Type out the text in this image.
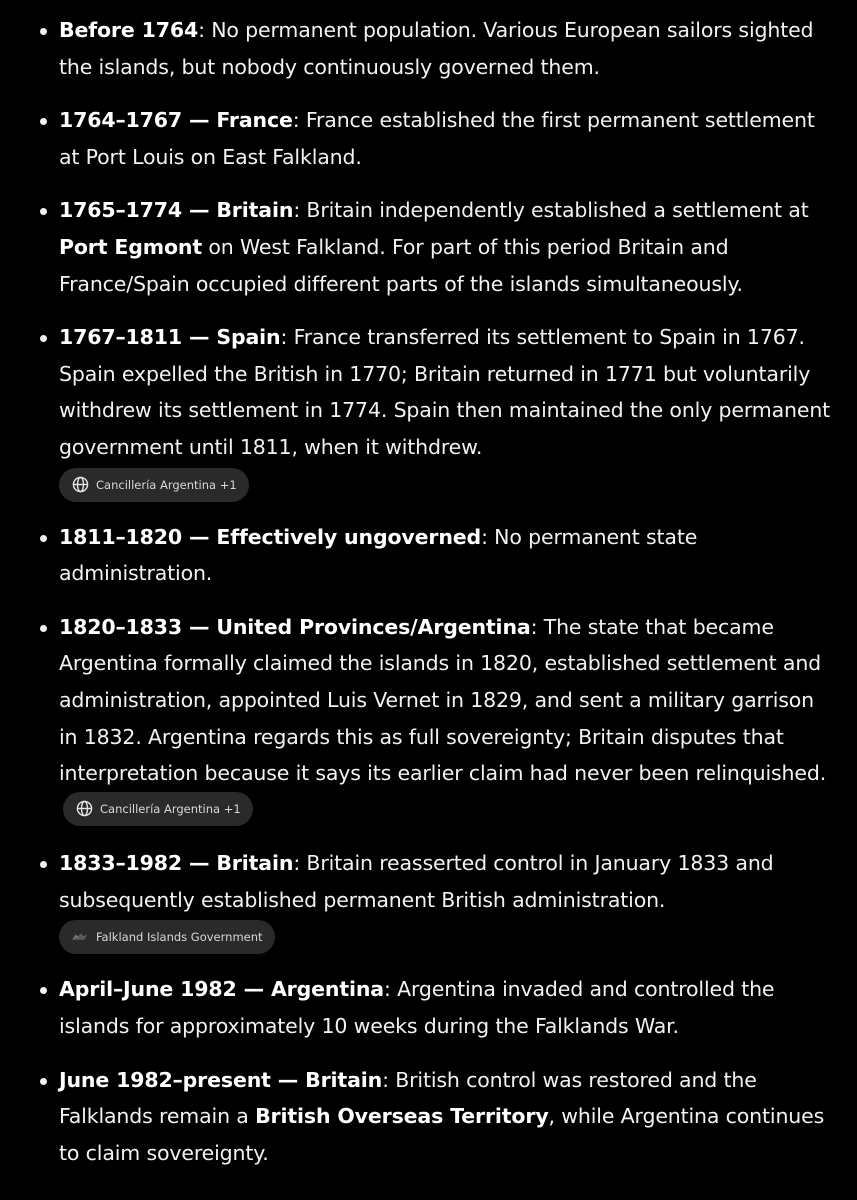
Before 1764: No permanent population. Various European sailors sighted the islands, but nobody continuously governed them.
1764–1767 — France: France established the first permanent settlement at Port Louis on East Falkland.
1765–1774 — Britain: Britain independently established a settlement at Port Egmont on West Falkland. For part of this period Britain and France/Spain occupied different parts of the islands simultaneously.
1767–1811 — Spain: France transferred its settlement to Spain in 1767. Spain expelled the British in 1770; Britain returned in 1771 but voluntarily withdrew its settlement in 1774. Spain then maintained the only permanent government until 1811, when it withdrew.
Cancillería Argentina +1
1811–1820 — Effectively ungoverned: No permanent state administration.
1820–1833 — United Provinces/Argentina: The state that became Argentina formally claimed the islands in 1820, established settlement and administration, appointed Luis Vernet in 1829, and sent a military garrison in 1832. Argentina regards this as full sovereignty; Britain disputes that interpretation because it says its earlier claim had never been relinquished.
Cancillería Argentina +1
1833–1982 — Britain: Britain reasserted control in January 1833 and subsequently established permanent British administration.
Falkland Islands Government
April–June 1982 — Argentina: Argentina invaded and controlled the islands for approximately 10 weeks during the Falklands War.
June 1982–present — Britain: British control was restored and the Falklands remain a British Overseas Territory, while Argentina continues to claim sovereignty.
